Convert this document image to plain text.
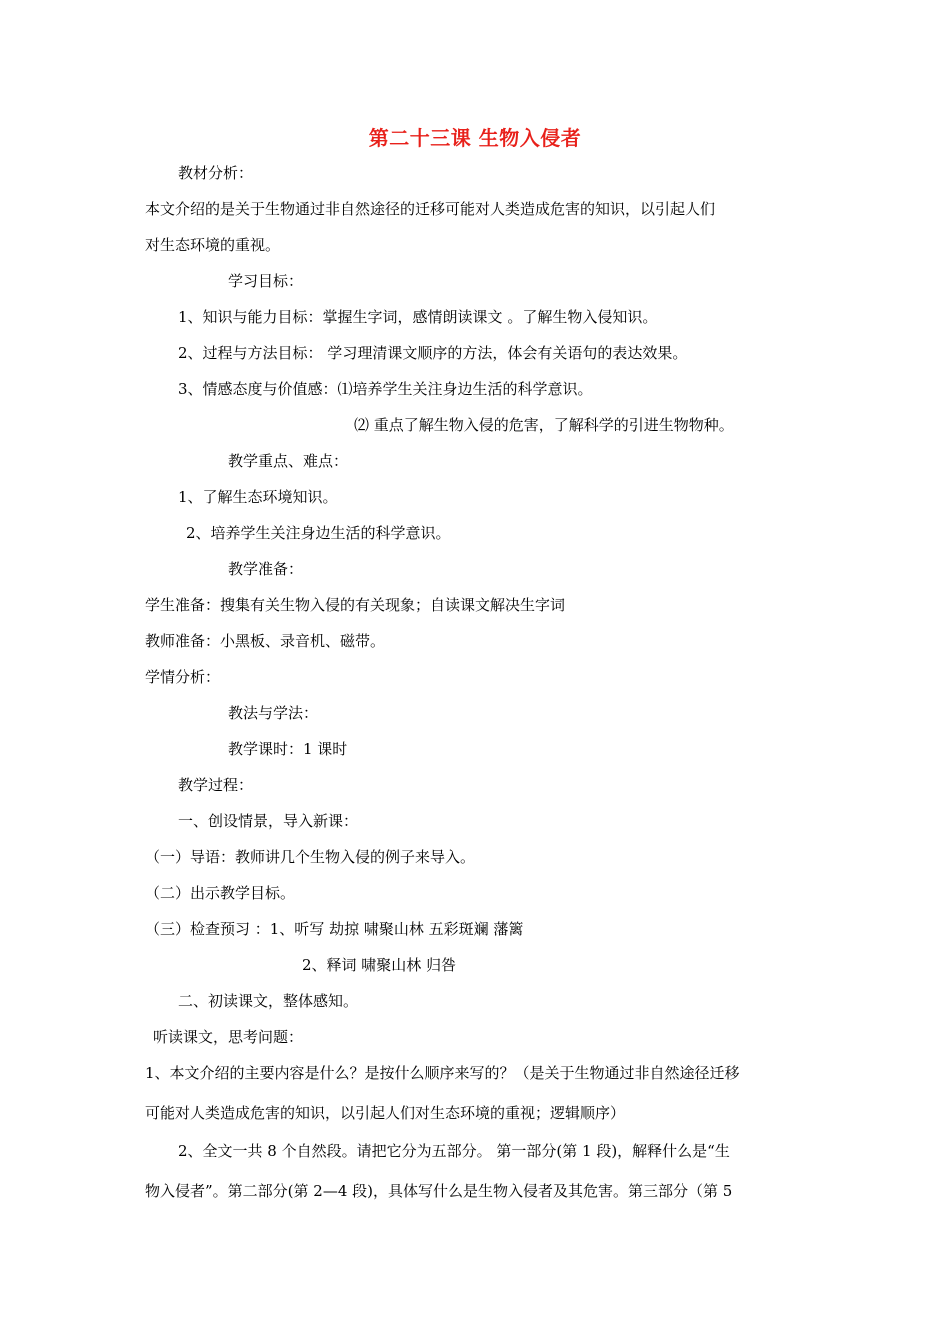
第二十三课 生物入侵者
教材分析：
本文介绍的是关于生物通过非自然途径的迁移可能对人类造成危害的知识，以引起人们
对生态环境的重视。
学习目标：
1、知识与能力目标：掌握生字词，感情朗读课文 。了解生物入侵知识。
2、过程与方法目标： 学习理清课文顺序的方法，体会有关语句的表达效果。
3、情感态度与价值感：⑴培养学生关注身边生活的科学意识。
⑵ 重点了解生物入侵的危害，了解科学的引进生物物种。
教学重点、难点：
1、了解生态环境知识。
2、培养学生关注身边生活的科学意识。
教学准备：
学生准备：搜集有关生物入侵的有关现象；自读课文解决生字词
教师准备：小黑板、录音机、磁带。
学情分析：
教法与学法：
教学课时：1 课时
教学过程：
一、创设情景，导入新课：
（一）导语：教师讲几个生物入侵的例子来导入。
（二）出示教学目标。
（三）检查预习 ：1、听写 劫掠 啸聚山林 五彩斑斓 藩篱
2、释词 啸聚山林 归咎
二、初读课文，整体感知。
听读课文，思考问题：
1、本文介绍的主要内容是什么？是按什么顺序来写的？（是关于生物通过非自然途径迁移
可能对人类造成危害的知识，以引起人们对生态环境的重视；逻辑顺序）
2、全文一共 8 个自然段。请把它分为五部分。 第一部分(第 1 段)，解释什么是“生
物入侵者”。第二部分(第 2—4 段)，具体写什么是生物入侵者及其危害。第三部分（第 5
